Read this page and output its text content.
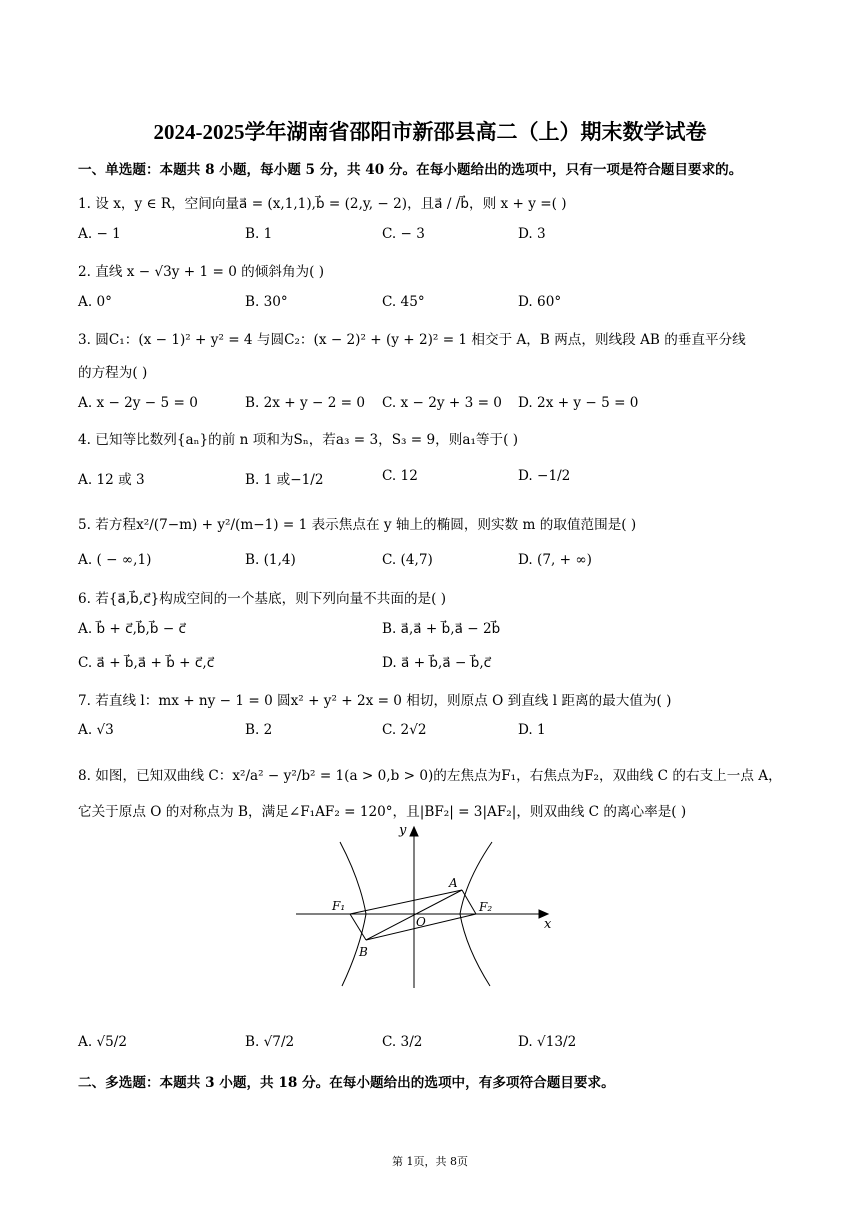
2024-2025学年湖南省邵阳市新邵县高二（上）期末数学试卷
一、单选题：本题共 8 小题，每小题 5 分，共 40 分。在每小题给出的选项中，只有一项是符合题目要求的。
1. 设 x，y ∈ R，空间向量a⃗ = (x,1,1),b⃗ = (2,y, − 2)，且a⃗ / /b⃗，则 x + y =( )
A. − 1	B. 1	C. − 3	D. 3
2. 直线 x − √3y + 1 = 0 的倾斜角为( )
A. 0°	B. 30°	C. 45°	D. 60°
3. 圆C₁：(x − 1)² + y² = 4 与圆C₂：(x − 2)² + (y + 2)² = 1 相交于 A，B 两点，则线段 AB 的垂直平分线
的方程为( )
A. x − 2y − 5 = 0	B. 2x + y − 2 = 0 C. x − 2y + 3 = 0 D. 2x + y − 5 = 0
4. 已知等比数列{aₙ}的前 n 项和为Sₙ，若a₃ = 3，S₃ = 9，则a₁等于( )
A. 12 或 3	B. 1 或−1/2	C. 12	D. −1/2
5. 若方程x²/(7−m) + y²/(m−1) = 1 表示焦点在 y 轴上的椭圆，则实数 m 的取值范围是( )
A. ( − ∞,1)	B. (1,4)	C. (4,7)	D. (7, + ∞)
6. 若{a⃗,b⃗,c⃗}构成空间的一个基底，则下列向量不共面的是( )
A. b⃗ + c⃗,b⃗,b⃗ − c⃗	B. a⃗,a⃗ + b⃗,a⃗ − 2b⃗
C. a⃗ + b⃗,a⃗ + b⃗ + c⃗,c⃗	D. a⃗ + b⃗,a⃗ − b⃗,c⃗
7. 若直线 l：mx + ny − 1 = 0 圆x² + y² + 2x = 0 相切，则原点 O 到直线 l 距离的最大值为( )
A. √3	B. 2	C. 2√2	D. 1
8. 如图，已知双曲线 C：x²/a² − y²/b² = 1(a > 0,b > 0)的左焦点为F₁，右焦点为F₂，双曲线 C 的右支上一点 A，
它关于原点 O 的对称点为 B，满足∠F₁AF₂ = 120°，且|BF₂| = 3|AF₂|，则双曲线 C 的离心率是( )
y
x
O
A
B
F₁	F₂
A. √5/2	B. √7/2	C. 3/2	D. √13/2
二、多选题：本题共 3 小题，共 18 分。在每小题给出的选项中，有多项符合题目要求。
第 1页，共 8页
